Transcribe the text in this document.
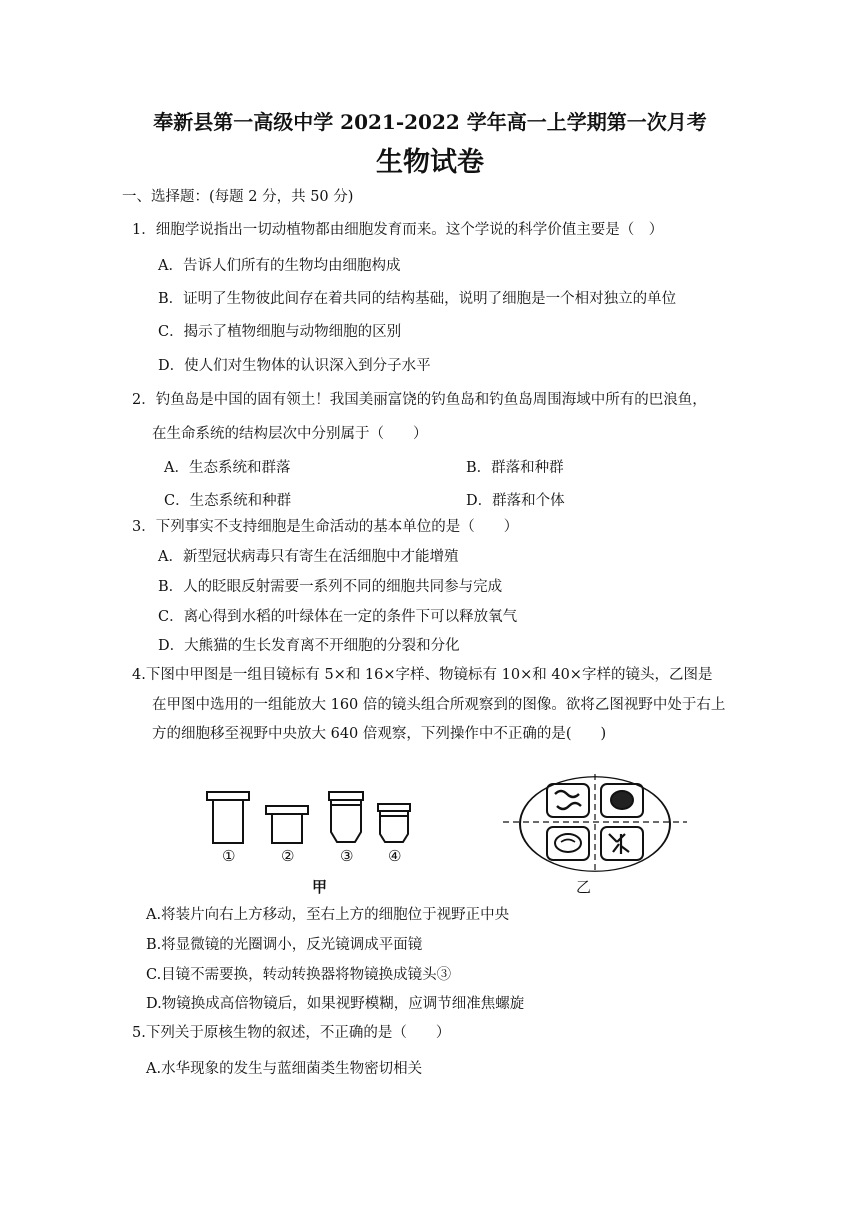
奉新县第一高级中学 2021-2022 学年高一上学期第一次月考
生物试卷
一、选择题：(每题 2 分，共 50 分)
1．细胞学说指出一切动植物都由细胞发育而来。这个学说的科学价值主要是（　）
A．告诉人们所有的生物均由细胞构成
B．证明了生物彼此间存在着共同的结构基础，说明了细胞是一个相对独立的单位
C．揭示了植物细胞与动物细胞的区别
D．使人们对生物体的认识深入到分子水平
2．钓鱼岛是中国的固有领土！我国美丽富饶的钓鱼岛和钓鱼岛周围海域中所有的巴浪鱼，
在生命系统的结构层次中分别属于（　　）
A．生态系统和群落	B．群落和种群
C．生态系统和种群	D．群落和个体
3．下列事实不支持细胞是生命活动的基本单位的是（　　）
A．新型冠状病毒只有寄生在活细胞中才能增殖
B．人的眨眼反射需要一系列不同的细胞共同参与完成
C．离心得到水稻的叶绿体在一定的条件下可以释放氧气
D．大熊猫的生长发育离不开细胞的分裂和分化
4.下图中甲图是一组目镜标有 5×和 16×字样、物镜标有 10×和 40×字样的镜头，乙图是
在甲图中选用的一组能放大 160 倍的镜头组合所观察到的图像。欲将乙图视野中处于右上
方的细胞移至视野中央放大 640 倍观察，下列操作中不正确的是(　　)
①	②	③ ④
甲	乙
A.将装片向右上方移动，至右上方的细胞位于视野正中央
B.将显微镜的光圈调小，反光镜调成平面镜
C.目镜不需要换，转动转换器将物镜换成镜头③
D.物镜换成高倍物镜后，如果视野模糊，应调节细准焦螺旋
5.下列关于原核生物的叙述，不正确的是（　　）
A.水华现象的发生与蓝细菌类生物密切相关
